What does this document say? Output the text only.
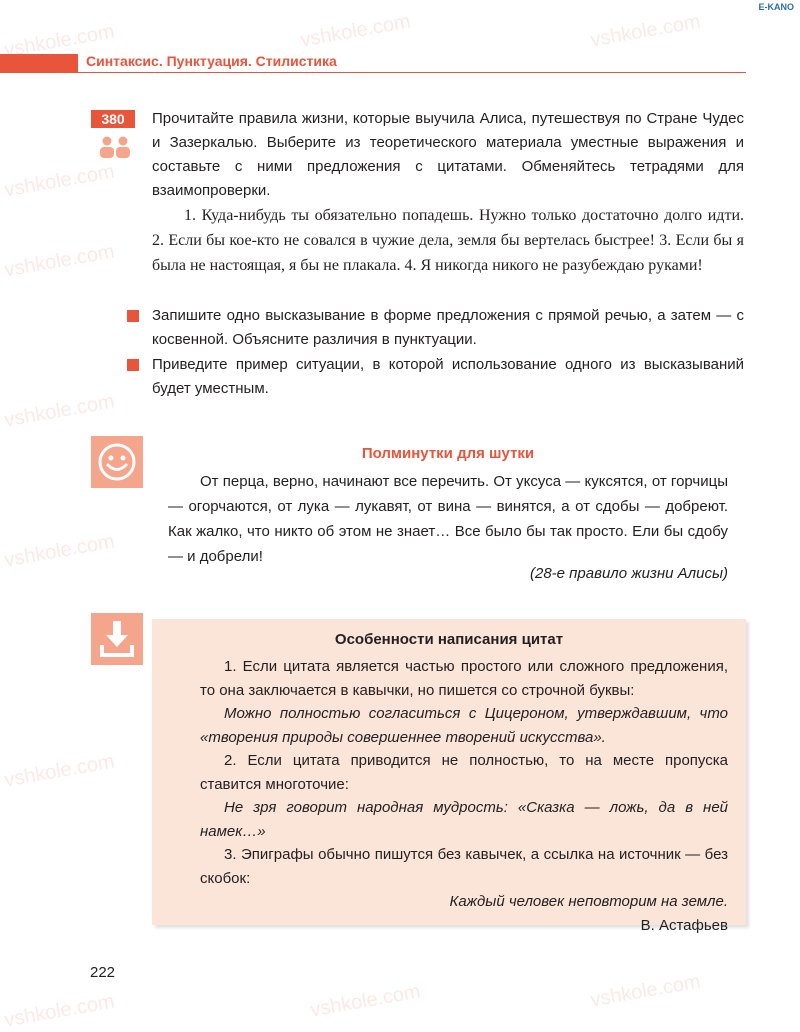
vshkole.com	vshkole.com	vshkole.com
vshkole.com
vshkole.com
vshkole.com
vshkole.com
vshkole.com
vshkole.com	vshkole.com	vshkole.com
E-KANO
Синтаксис. Пунктуация. Стилистика
380	Прочитайте правила жизни, которые выучила Алиса, путешествуя по Стране Чудес и Зазеркалью. Выберите из теоретического материала уместные выражения и составьте с ними предложения с цитатами. Обменяйтесь тетрадями для взаимопроверки.
1. Куда-нибудь ты обязательно попадешь. Нужно только достаточно долго идти. 2. Если бы кое-кто не совался в чужие дела, земля бы вертелась быстрее! 3. Если бы я была не настоящая, я бы не плакала. 4. Я никогда никого не разубеждаю руками!
Запишите одно высказывание в форме предложения с прямой речью, а затем — с косвенной. Объясните различия в пунктуации.
Приведите пример ситуации, в которой использование одного из высказываний будет уместным.
Полминутки для шутки
От перца, верно, начинают все перечить. От уксуса — куксятся, от горчицы — огорчаются, от лука — лукавят, от вина — винятся, а от сдобы — добреют. Как жалко, что никто об этом не знает… Все было бы так просто. Ели бы сдобу — и добрели!
(28-е правило жизни Алисы)
Особенности написания цитат

1. Если цитата является частью простого или сложного предложения, то она заключается в кавычки, но пишется со строчной буквы:

Можно полностью согласиться с Цицероном, утверждавшим, что «творения природы совершеннее творений искусства».

2. Если цитата приводится не полностью, то на месте пропуска ставится многоточие:

Не зря говорит народная мудрость: «Сказка — ложь, да в ней намек…»

3. Эпиграфы обычно пишутся без кавычек, а ссылка на источник — без скобок:

Каждый человек неповторим на земле.

В. Астафьев

222
